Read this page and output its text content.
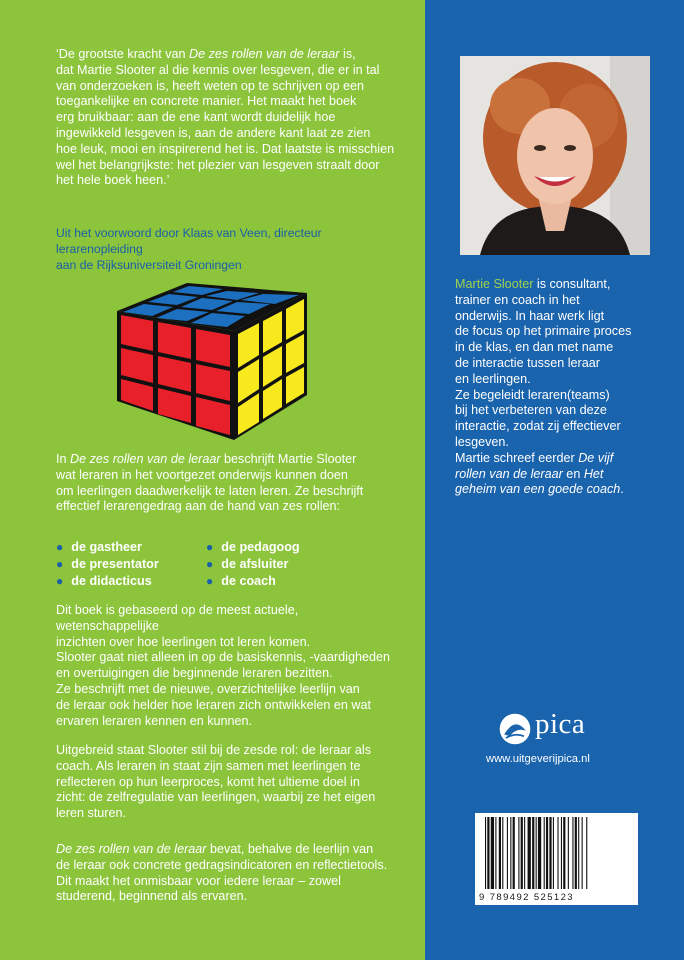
‘De grootste kracht van De zes rollen van de leraar is,

dat Martie Slooter al die kennis over lesgeven, die er in tal

van onderzoeken is, heeft weten op te schrijven op een

toegankelijke en concrete manier. Het maakt het boek

erg bruikbaar: aan de ene kant wordt duidelijk hoe

ingewikkeld lesgeven is, aan de andere kant laat ze zien

hoe leuk, mooi en inspirerend het is. Dat laatste is misschien

wel het belangrijkste: het plezier van lesgeven straalt door

het hele boek heen.’

Uit het voorwoord door Klaas van Veen, directeur lerarenopleiding
aan de Rijksuniversiteit Groningen
In De zes rollen van de leraar beschrijft Martie Slooter
wat leraren in het voortgezet onderwijs kunnen doen
om leerlingen daadwerkelijk te laten leren. Ze beschrijft
effectief lerarengedrag aan de hand van zes rollen:
● de gastheer	● de pedagoog
● de presentator	● de afsluiter
● de didacticus	● de coach

Dit boek is gebaseerd op de meest actuele, wetenschappelijke

inzichten over hoe leerlingen tot leren komen.

Slooter gaat niet alleen in op de basiskennis, -vaardigheden

en overtuigingen die beginnende leraren bezitten.

Ze beschrijft met de nieuwe, overzichtelijke leerlijn van

de leraar ook helder hoe leraren zich ontwikkelen en wat

ervaren leraren kennen en kunnen.

Uitgebreid staat Slooter stil bij de zesde rol: de leraar als

coach. Als leraren in staat zijn samen met leerlingen te

reflecteren op hun leerproces, komt het ultieme doel in

zicht: de zelfregulatie van leerlingen, waarbij ze het eigen

leren sturen.

De zes rollen van de leraar bevat, behalve de leerlijn van

de leraar ook concrete gedragsindicatoren en reflectietools.

Dit maakt het onmisbaar voor iedere leraar – zowel

studerend, beginnend als ervaren.

Martie Slooter is consultant,
trainer en coach in het
onderwijs. In haar werk ligt
de focus op het primaire proces
in de klas, en dan met name
de interactie tussen leraar
en leerlingen.
Ze begeleidt leraren(teams)
bij het verbeteren van deze
interactie, zodat zij effectiever
lesgeven.
Martie schreef eerder De vijf
rollen van de leraar en Het
geheim van een goede coach.
pica
www.uitgeverijpica.nl
9 789492 525123
